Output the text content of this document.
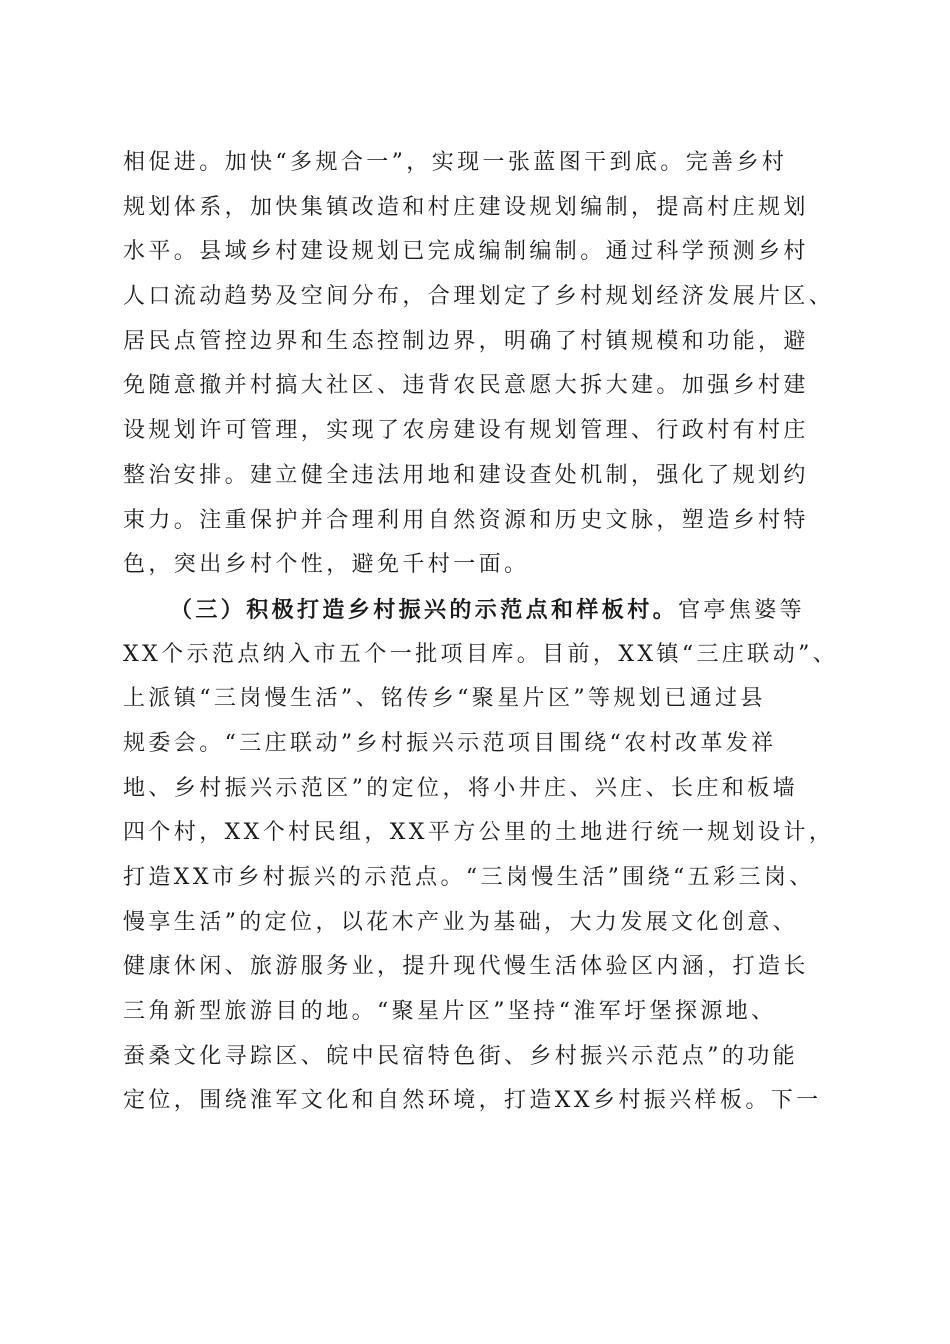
相促进。加快“多规合一”，实现一张蓝图干到底。完善乡村
规划体系，加快集镇改造和村庄建设规划编制，提高村庄规划
水平。县域乡村建设规划已完成编制编制。通过科学预测乡村
人口流动趋势及空间分布，合理划定了乡村规划经济发展片区、
居民点管控边界和生态控制边界，明确了村镇规模和功能，避
免随意撤并村搞大社区、违背农民意愿大拆大建。加强乡村建
设规划许可管理，实现了农房建设有规划管理、行政村有村庄
整治安排。建立健全违法用地和建设查处机制，强化了规划约
束力。注重保护并合理利用自然资源和历史文脉，塑造乡村特
色，突出乡村个性，避免千村一面。
（三）积极打造乡村振兴的示范点和样板村。官亭焦婆等
XX个示范点纳入市五个一批项目库。目前，XX镇“三庄联动”、
上派镇“三岗慢生活”、铭传乡“聚星片区”等规划已通过县
规委会。“三庄联动”乡村振兴示范项目围绕“农村改革发祥
地、乡村振兴示范区”的定位，将小井庄、兴庄、长庄和板墙
四个村，XX个村民组，XX平方公里的土地进行统一规划设计，
打造XX市乡村振兴的示范点。“三岗慢生活”围绕“五彩三岗、
慢享生活”的定位，以花木产业为基础，大力发展文化创意、
健康休闲、旅游服务业，提升现代慢生活体验区内涵，打造长
三角新型旅游目的地。“聚星片区”坚持“淮军圩堡探源地、
蚕桑文化寻踪区、皖中民宿特色街、乡村振兴示范点”的功能
定位，围绕淮军文化和自然环境，打造XX乡村振兴样板。下一
